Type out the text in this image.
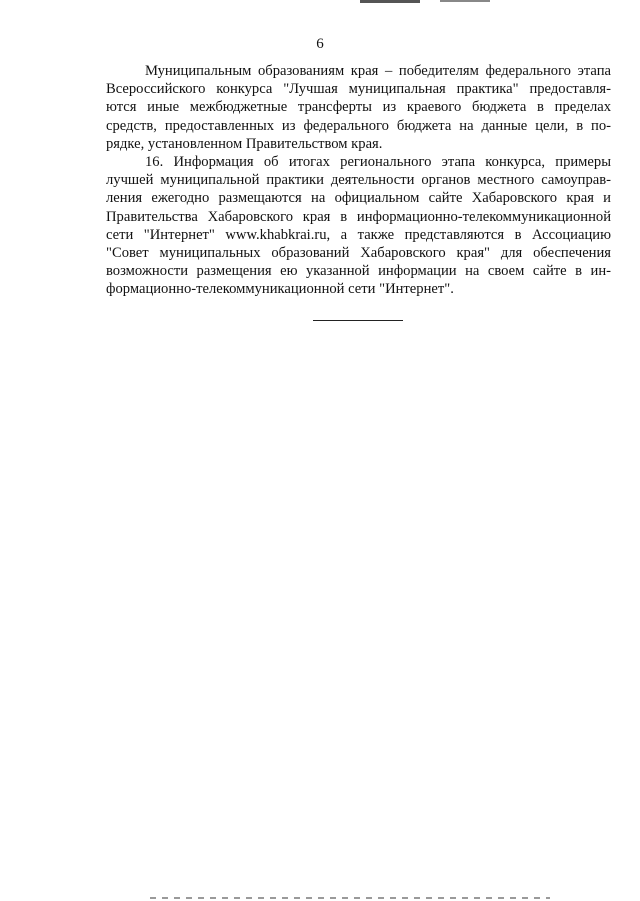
6
Муниципальным образованиям края – победителям федерального этапа
Всероссийского конкурса "Лучшая муниципальная практика" предоставля-
ются иные межбюджетные трансферты из краевого бюджета в пределах
средств, предоставленных из федерального бюджета на данные цели, в по-
рядке, установленном Правительством края.
16. Информация об итогах регионального этапа конкурса, примеры
лучшей муниципальной практики деятельности органов местного самоуправ-
ления ежегодно размещаются на официальном сайте Хабаровского края и
Правительства Хабаровского края в информационно-телекоммуникационной
сети "Интернет" www.khabkrai.ru, а также представляются в Ассоциацию
"Совет муниципальных образований Хабаровского края" для обеспечения
возможности размещения ею указанной информации на своем сайте в ин-
формационно-телекоммуникационной сети "Интернет".
